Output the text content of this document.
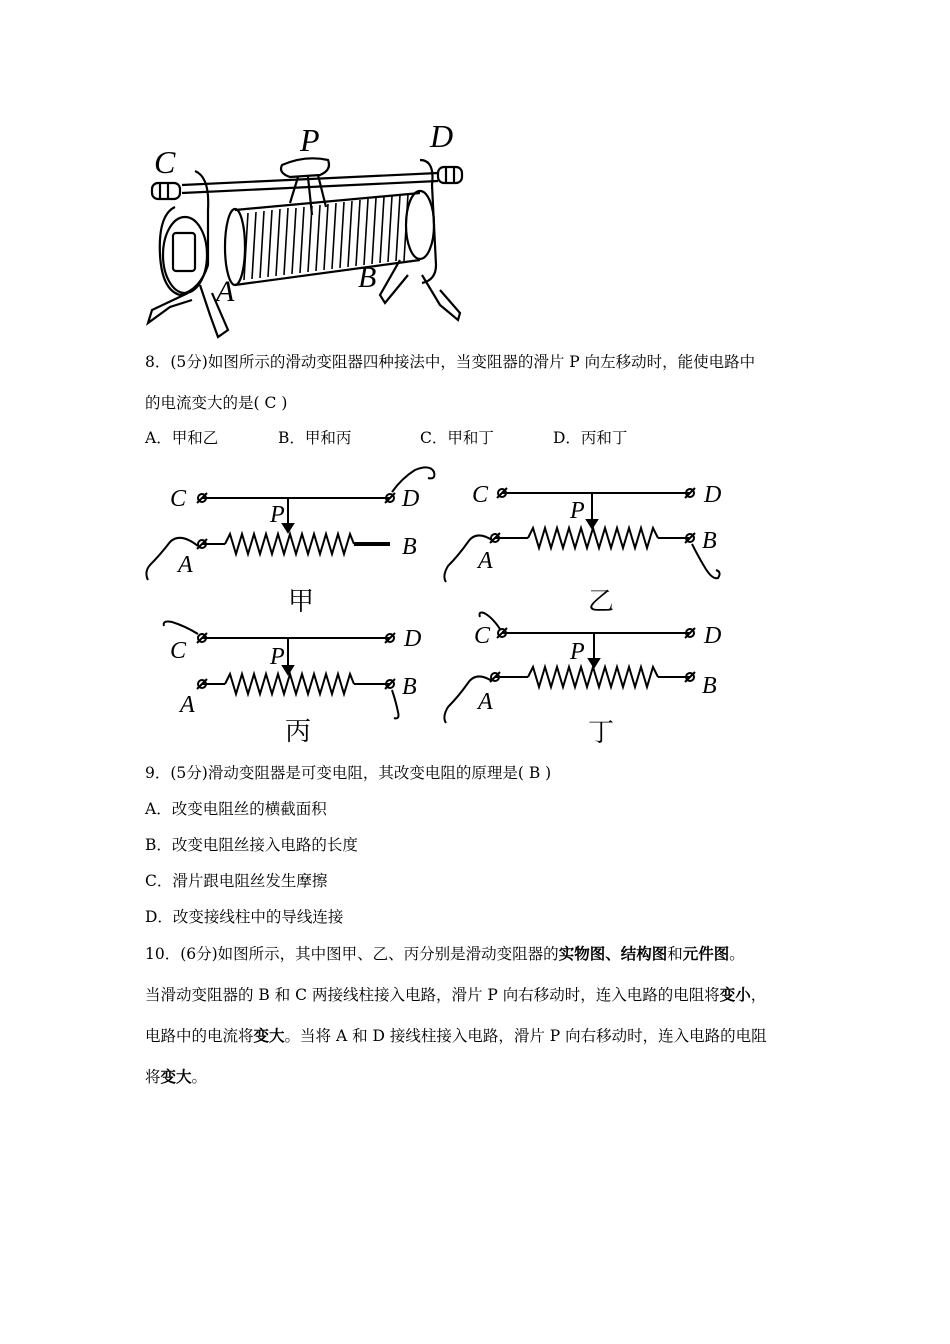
C
P	D
A	B
8．(5分)如图所示的滑动变阻器四种接法中，当变阻器的滑片 P 向左移动时，能使电路中
的电流变大的是( C )
A．甲和乙	B．甲和丙	C．甲和丁	D．丙和丁
C	D
P
A
B
甲
C	D
P
A
B
乙
C	D
P
A
B
丙
C	D
P
A
B
丁
9．(5分)滑动变阻器是可变电阻，其改变电阻的原理是( B )
A．改变电阻丝的横截面积
B．改变电阻丝接入电路的长度
C．滑片跟电阻丝发生摩擦
D．改变接线柱中的导线连接
10．(6分)如图所示，其中图甲、乙、丙分别是滑动变阻器的实物图、结构图和元件图。
当滑动变阻器的 B 和 C 两接线柱接入电路，滑片 P 向右移动时，连入电路的电阻将变小，
电路中的电流将变大。当将 A 和 D 接线柱接入电路，滑片 P 向右移动时，连入电路的电阻
将变大。
